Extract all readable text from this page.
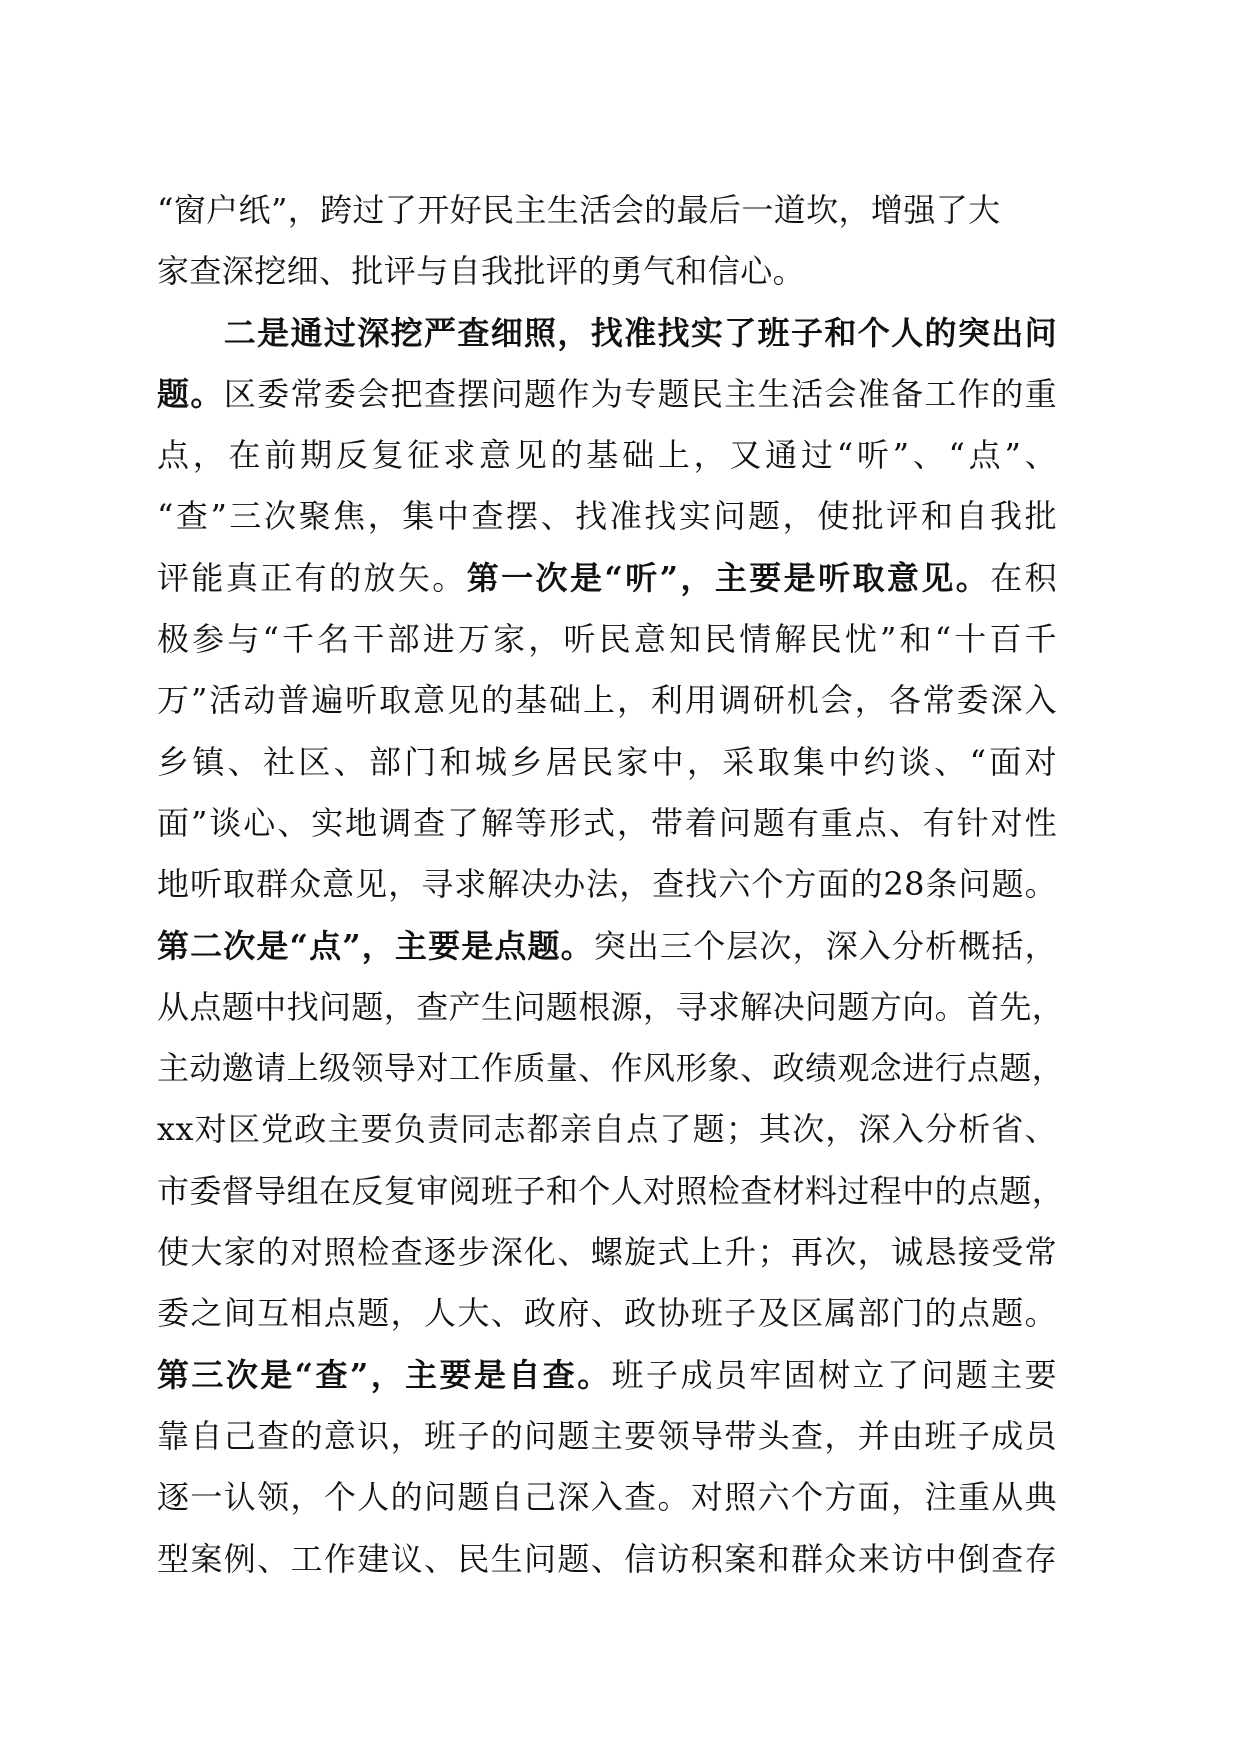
“窗户纸”，跨过了开好民主生活会的最后一道坎，增强了大
家查深挖细、批评与自我批评的勇气和信心。
　　二是通过深挖严查细照，找准找实了班子和个人的突出问
题。区委常委会把查摆问题作为专题民主生活会准备工作的重
点，在前期反复征求意见的基础上，又通过“听”、“点”、
“查”三次聚焦，集中查摆、找准找实问题，使批评和自我批
评能真正有的放矢。第一次是“听”，主要是听取意见。在积
极参与“千名干部进万家，听民意知民情解民忧”和“十百千
万”活动普遍听取意见的基础上，利用调研机会，各常委深入
乡镇、社区、部门和城乡居民家中，采取集中约谈、“面对
面”谈心、实地调查了解等形式，带着问题有重点、有针对性
地听取群众意见，寻求解决办法，查找六个方面的28条问题。
第二次是“点”，主要是点题。突出三个层次，深入分析概括，
从点题中找问题，查产生问题根源，寻求解决问题方向。首先，
主动邀请上级领导对工作质量、作风形象、政绩观念进行点题，
xx对区党政主要负责同志都亲自点了题；其次，深入分析省、
市委督导组在反复审阅班子和个人对照检查材料过程中的点题，
使大家的对照检查逐步深化、螺旋式上升；再次，诚恳接受常
委之间互相点题，人大、政府、政协班子及区属部门的点题。
第三次是“查”，主要是自查。班子成员牢固树立了问题主要
靠自己查的意识，班子的问题主要领导带头查，并由班子成员
逐一认领，个人的问题自己深入查。对照六个方面，注重从典
型案例、工作建议、民生问题、信访积案和群众来访中倒查存
